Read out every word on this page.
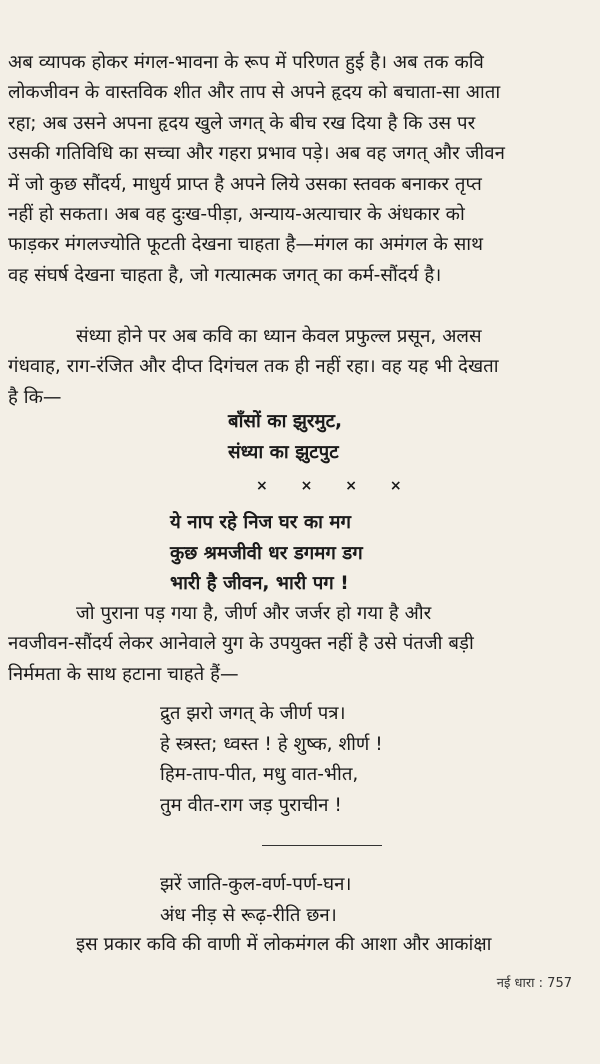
अब व्यापक होकर मंगल-भावना के रूप में परिणत हुई है। अब तक कवि
लोकजीवन के वास्तविक शीत और ताप से अपने हृदय को बचाता-सा आता
रहा; अब उसने अपना हृदय खुले जगत् के बीच रख दिया है कि उस पर
उसकी गतिविधि का सच्चा और गहरा प्रभाव पड़े। अब वह जगत् और जीवन
में जो कुछ सौंदर्य, माधुर्य प्राप्त है अपने लिये उसका स्तवक बनाकर तृप्त
नहीं हो सकता। अब वह दुःख-पीड़ा, अन्याय-अत्याचार के अंधकार को
फाड़कर मंगलज्योति फूटती देखना चाहता है—मंगल का अमंगल के साथ
वह संघर्ष देखना चाहता है, जो गत्यात्मक जगत् का कर्म-सौंदर्य है।
संध्या होने पर अब कवि का ध्यान केवल प्रफुल्ल प्रसून, अलस
गंधवाह, राग-रंजित और दीप्त दिगंचल तक ही नहीं रहा। वह यह भी देखता
है कि—
बाँसों का झुरमुट,
संध्या का झुटपुट
× × × ×
ये नाप रहे निज घर का मग
कुछ श्रमजीवी धर डगमग डग
भारी है जीवन, भारी पग !
जो पुराना पड़ गया है, जीर्ण और जर्जर हो गया है और
नवजीवन-सौंदर्य लेकर आनेवाले युग के उपयुक्त नहीं है उसे पंतजी बड़ी
निर्ममता के साथ हटाना चाहते हैं—
द्रुत झरो जगत् के जीर्ण पत्र।
हे स्त्रस्त; ध्वस्त ! हे शुष्क, शीर्ण !
हिम-ताप-पीत, मधु वात-भीत,
तुम वीत-राग जड़ पुराचीन !
झरें जाति-कुल-वर्ण-पर्ण-घन।
अंध नीड़ से रूढ़-रीति छन।
इस प्रकार कवि की वाणी में लोकमंगल की आशा और आकांक्षा
नई धारा : 757
